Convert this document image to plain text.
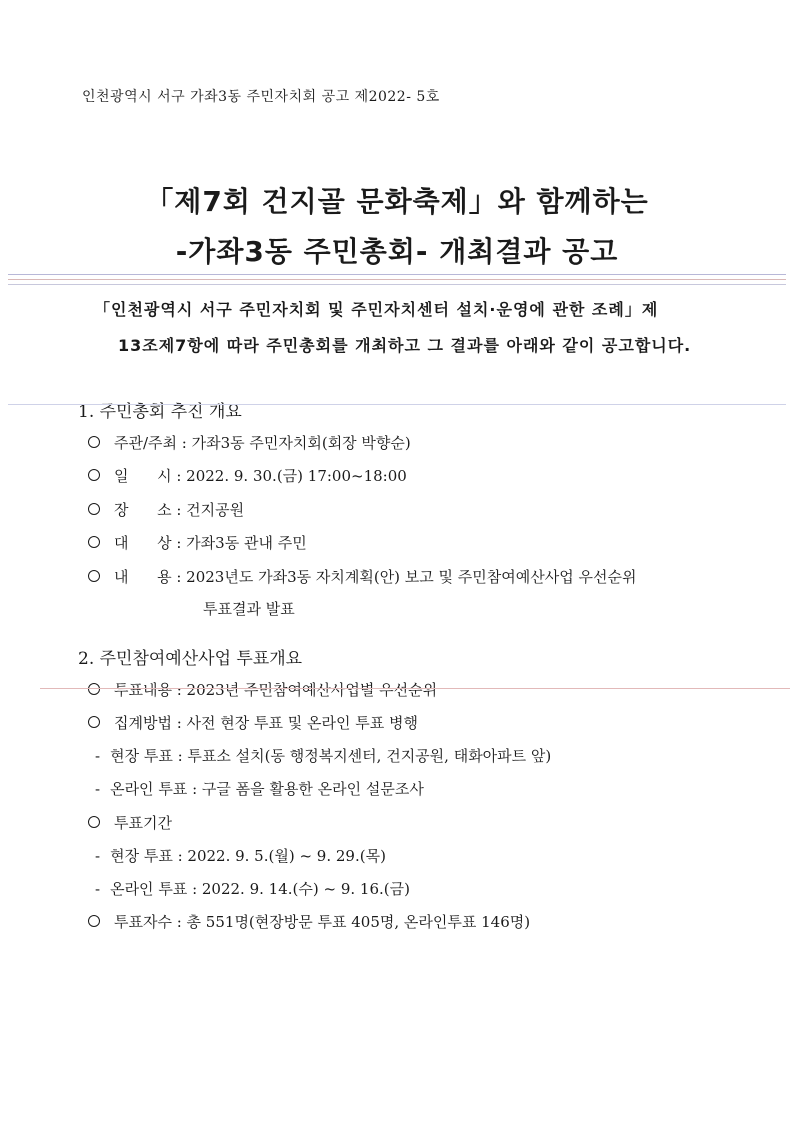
인천광역시 서구 가좌3동 주민자치회 공고 제2022- 5호
「제7회 건지골 문화축제」와 함께하는
-가좌3동 주민총회- 개최결과 공고
「인천광역시 서구 주민자치회 및 주민자치센터 설치·운영에 관한 조례」제
13조제7항에 따라 주민총회를 개최하고 그 결과를 아래와 같이 공고합니다.
1. 주민총회 추진 개요
주관/주최 : 가좌3동 주민자치회(회장 박향순)
일      시 : 2022. 9. 30.(금) 17:00~18:00
장      소 : 건지공원
대      상 : 가좌3동 관내 주민
내      용 : 2023년도 가좌3동 자치계획(안) 보고 및 주민참여예산사업 우선순위
투표결과 발표
2. 주민참여예산사업 투표개요
투표내용 : 2023년 주민참여예산사업별 우선순위
집계방법 : 사전 현장 투표 및 온라인 투표 병행
- 현장 투표 : 투표소 설치(동 행정복지센터, 건지공원, 태화아파트 앞)
- 온라인 투표 : 구글 폼을 활용한 온라인 설문조사
투표기간
- 현장 투표 : 2022. 9. 5.(월) ~ 9. 29.(목)
- 온라인 투표 : 2022. 9. 14.(수) ~ 9. 16.(금)
투표자수 : 총 551명(현장방문 투표 405명, 온라인투표 146명)
